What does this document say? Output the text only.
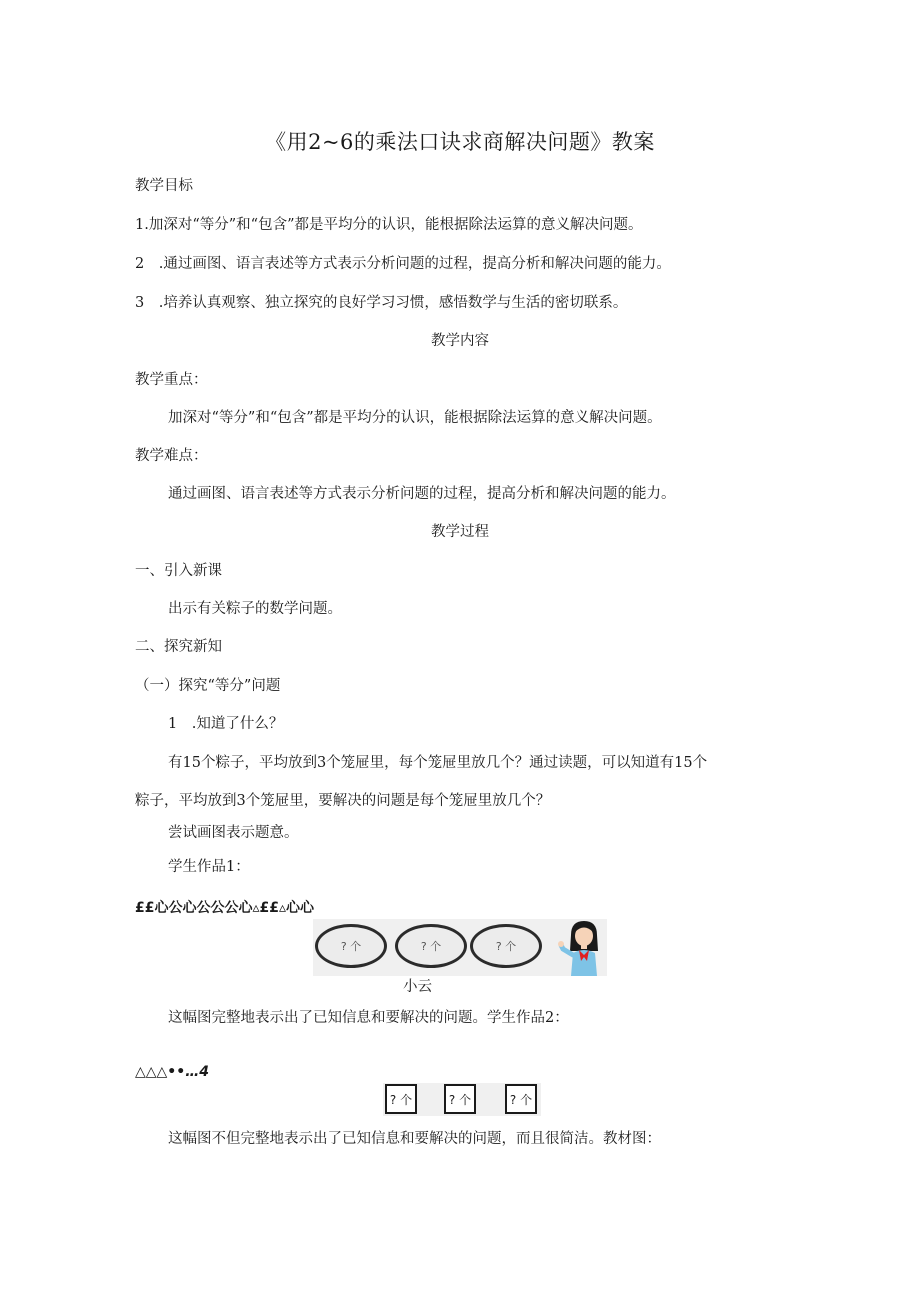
《用2~6的乘法口诀求商解决问题》教案
教学目标
1.加深对“等分”和“包含”都是平均分的认识，能根据除法运算的意义解决问题。
2　.通过画图、语言表述等方式表示分析问题的过程，提高分析和解决问题的能力。
3　.培养认真观察、独立探究的良好学习习惯，感悟数学与生活的密切联系。
教学内容
教学重点：
加深对“等分”和“包含”都是平均分的认识，能根据除法运算的意义解决问题。
教学难点：
通过画图、语言表述等方式表示分析问题的过程，提高分析和解决问题的能力。
教学过程
一、引入新课
出示有关粽子的数学问题。
二、探究新知
（一）探究“等分”问题
1　.知道了什么？
有15个粽子，平均放到3个笼屉里，每个笼屉里放几个？通过读题，可以知道有15个
粽子，平均放到3个笼屉里，要解决的问题是每个笼屉里放几个？
尝试画图表示题意。
学生作品1：
££心公心公公公心▵££▵心心
? 个	? 个	? 个
小云
这幅图完整地表示出了已知信息和要解决的问题。学生作品2：
△△△••…4
? 个	? 个	? 个
这幅图不但完整地表示出了已知信息和要解决的问题，而且很简洁。教材图：
